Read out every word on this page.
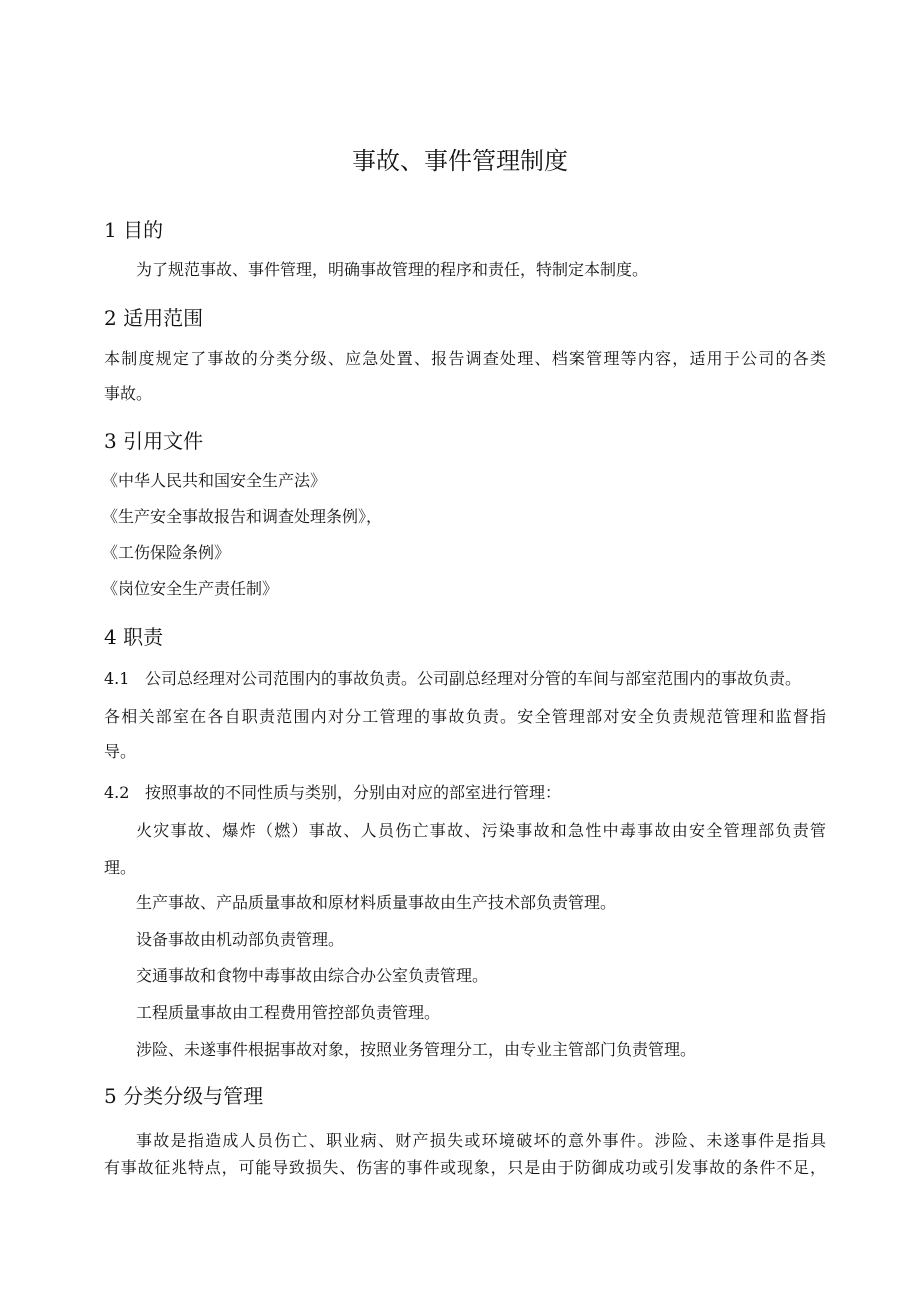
事故、事件管理制度
1 目的
为了规范事故、事件管理，明确事故管理的程序和责任，特制定本制度。
2 适用范围
本制度规定了事故的分类分级、应急处置、报告调查处理、档案管理等内容，适用于公司的各类
事故。
3 引用文件
《中华人民共和国安全生产法》
《生产安全事故报告和调查处理条例》，
《工伤保险条例》
《岗位安全生产责任制》
4 职责
4.1 公司总经理对公司范围内的事故负责。公司副总经理对分管的车间与部室范围内的事故负责。
各相关部室在各自职责范围内对分工管理的事故负责。安全管理部对安全负责规范管理和监督指
导。
4.2 按照事故的不同性质与类别，分别由对应的部室进行管理：
火灾事故、爆炸（燃）事故、人员伤亡事故、污染事故和急性中毒事故由安全管理部负责管
理。
生产事故、产品质量事故和原材料质量事故由生产技术部负责管理。
设备事故由机动部负责管理。
交通事故和食物中毒事故由综合办公室负责管理。
工程质量事故由工程费用管控部负责管理。
涉险、未遂事件根据事故对象，按照业务管理分工，由专业主管部门负责管理。
5 分类分级与管理
事故是指造成人员伤亡、职业病、财产损失或环境破坏的意外事件。涉险、未遂事件是指具
有事故征兆特点，可能导致损失、伤害的事件或现象，只是由于防御成功或引发事故的条件不足，
